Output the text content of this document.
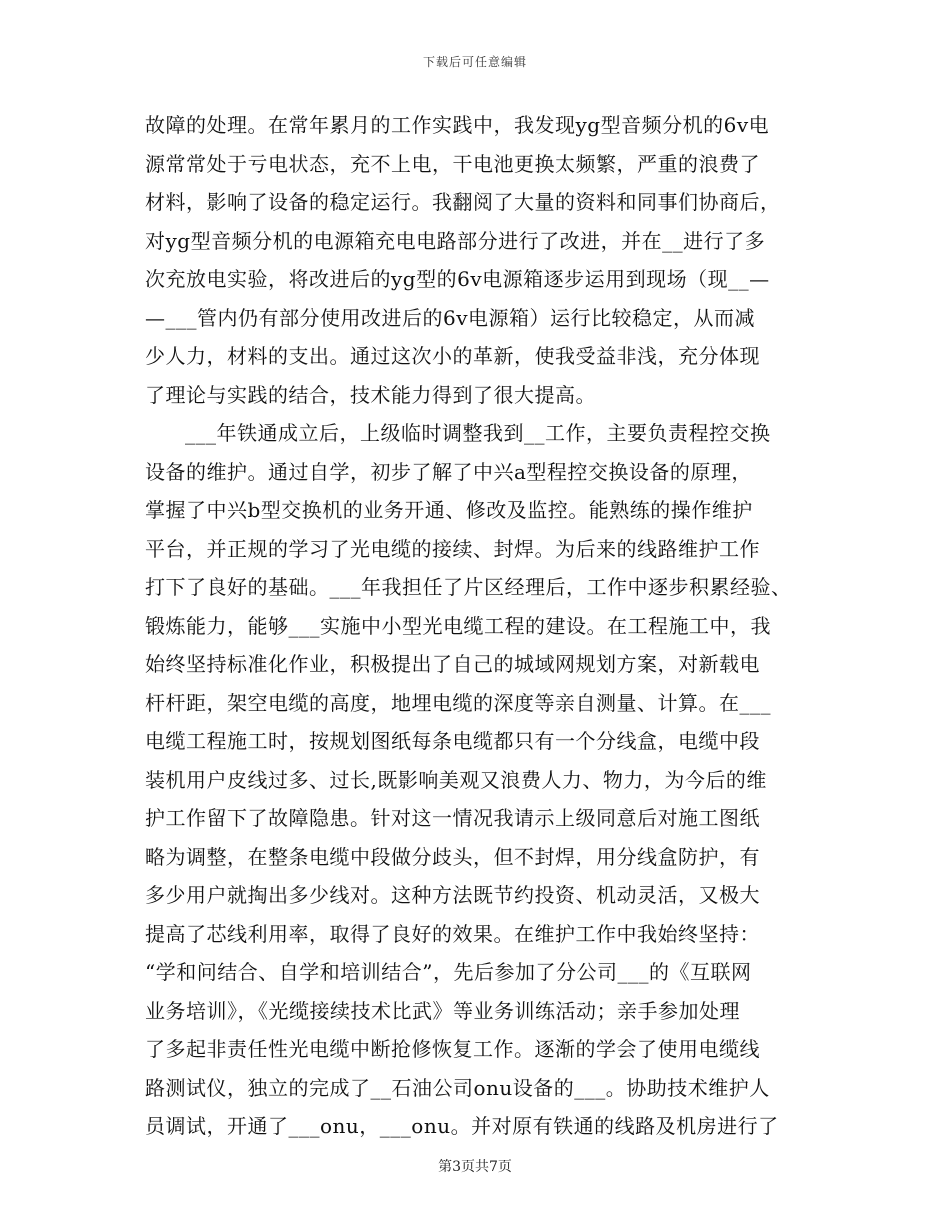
下载后可任意编辑
故障的处理。在常年累月的工作实践中，我发现yg型音频分机的6v电
源常常处于亏电状态，充不上电，干电池更换太频繁，严重的浪费了
材料，影响了设备的稳定运行。我翻阅了大量的资料和同事们协商后，
对yg型音频分机的电源箱充电电路部分进行了改进，并在__进行了多
次充放电实验，将改进后的yg型的6v电源箱逐步运用到现场（现__—
—___管内仍有部分使用改进后的6v电源箱）运行比较稳定，从而减
少人力，材料的支出。通过这次小的革新，使我受益非浅，充分体现
了理论与实践的结合，技术能力得到了很大提高。
___年铁通成立后，上级临时调整我到__工作，主要负责程控交换
设备的维护。通过自学，初步了解了中兴a型程控交换设备的原理，
掌握了中兴b型交换机的业务开通、修改及监控。能熟练的操作维护
平台，并正规的学习了光电缆的接续、封焊。为后来的线路维护工作
打下了良好的基础。___年我担任了片区经理后，工作中逐步积累经验、
锻炼能力，能够___实施中小型光电缆工程的建设。在工程施工中，我
始终坚持标准化作业，积极提出了自己的城域网规划方案，对新载电
杆杆距，架空电缆的高度，地埋电缆的深度等亲自测量、计算。在___
电缆工程施工时，按规划图纸每条电缆都只有一个分线盒，电缆中段
装机用户皮线过多、过长,既影响美观又浪费人力、物力，为今后的维
护工作留下了故障隐患。针对这一情况我请示上级同意后对施工图纸
略为调整，在整条电缆中段做分歧头，但不封焊，用分线盒防护，有
多少用户就掏出多少线对。这种方法既节约投资、机动灵活，又极大
提高了芯线利用率，取得了良好的效果。在维护工作中我始终坚持：
“学和问结合、自学和培训结合”，先后参加了分公司___的《互联网
业务培训》，《光缆接续技术比武》等业务训练活动；亲手参加处理
了多起非责任性光电缆中断抢修恢复工作。逐渐的学会了使用电缆线
路测试仪，独立的完成了__石油公司onu设备的___。协助技术维护人
员调试，开通了___onu，___onu。并对原有铁通的线路及机房进行了
第3页共7页
